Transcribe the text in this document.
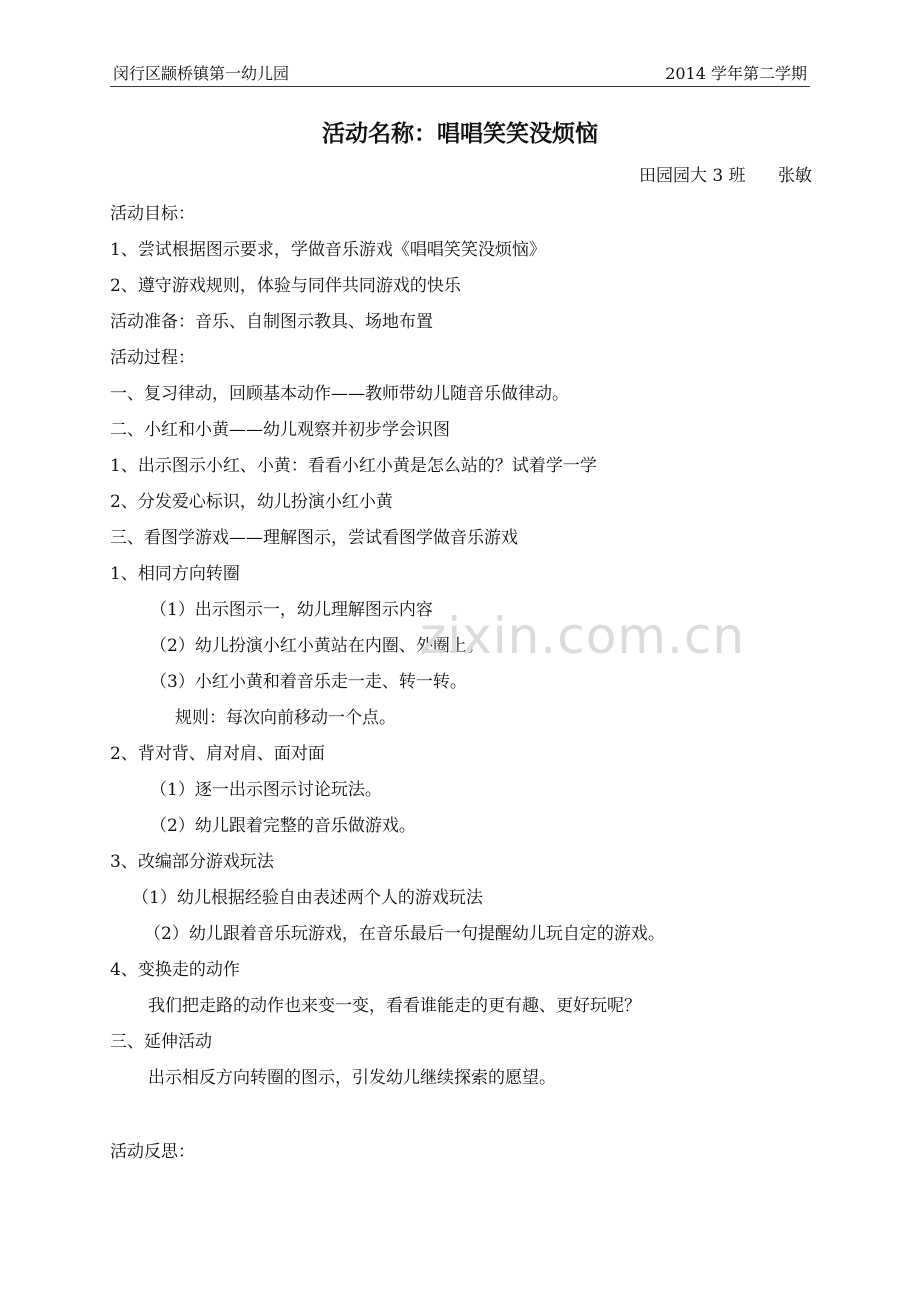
闵行区颛桥镇第一幼儿园	2014 学年第二学期
活动名称：唱唱笑笑没烦恼
田园园大 3 班      张敏
活动目标：
1、尝试根据图示要求，学做音乐游戏《唱唱笑笑没烦恼》
2、遵守游戏规则，体验与同伴共同游戏的快乐
活动准备：音乐、自制图示教具、场地布置
活动过程：
一、复习律动，回顾基本动作——教师带幼儿随音乐做律动。
二、小红和小黄——幼儿观察并初步学会识图
1、出示图示小红、小黄：看看小红小黄是怎么站的？试着学一学
2、分发爱心标识，幼儿扮演小红小黄
三、看图学游戏——理解图示，尝试看图学做音乐游戏
1、相同方向转圈
（1）出示图示一，幼儿理解图示内容
（2）幼儿扮演小红小黄站在内圈、外圈上。
（3）小红小黄和着音乐走一走、转一转。
规则：每次向前移动一个点。
2、背对背、肩对肩、面对面
（1）逐一出示图示讨论玩法。
（2）幼儿跟着完整的音乐做游戏。
3、改编部分游戏玩法
（1）幼儿根据经验自由表述两个人的游戏玩法
（2）幼儿跟着音乐玩游戏，在音乐最后一句提醒幼儿玩自定的游戏。
4、变换走的动作
我们把走路的动作也来变一变，看看谁能走的更有趣、更好玩呢？
三、延伸活动
出示相反方向转圈的图示，引发幼儿继续探索的愿望。
活动反思：
zixin.com.cn
